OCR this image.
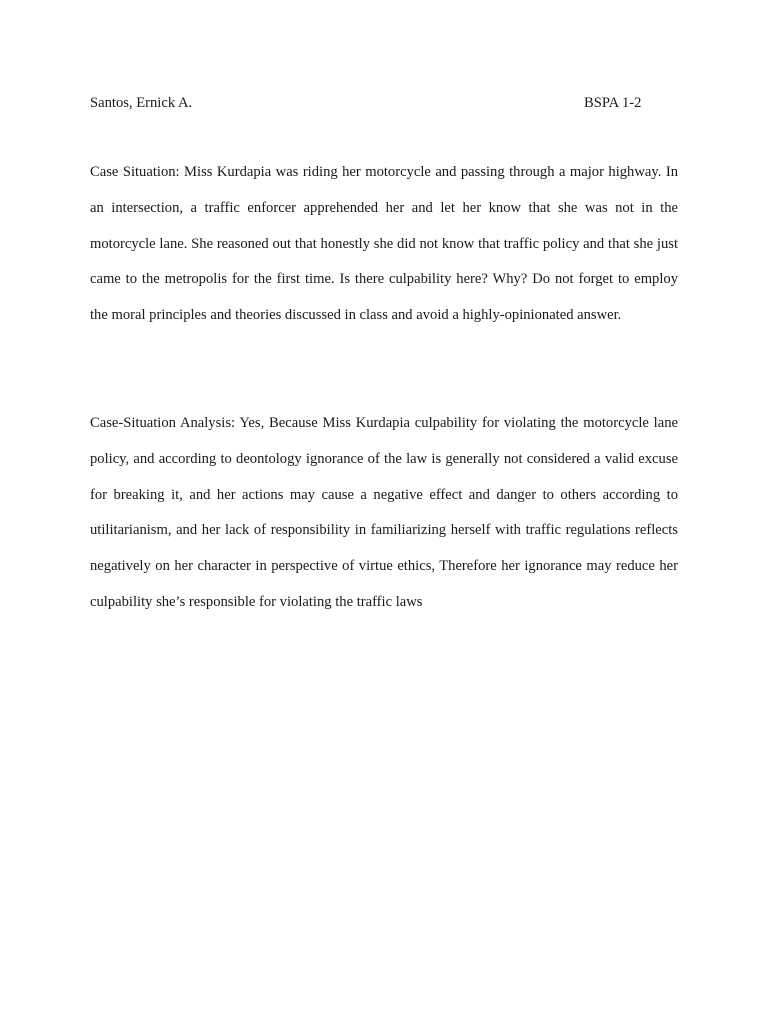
Santos, Ernick A.	BSPA 1-2

Case Situation: Miss Kurdapia was riding her motorcycle and passing through a major highway. In an intersection, a traffic enforcer apprehended her and let her know that she was not in the motorcycle lane. She reasoned out that honestly she did not know that traffic policy and that she just came to the metropolis for the first time. Is there culpability here? Why? Do not forget to employ the moral principles and theories discussed in class and avoid a highly-opinionated answer.

Case-Situation Analysis: Yes, Because Miss Kurdapia culpability for violating the motorcycle lane policy, and according to deontology ignorance of the law is generally not considered a valid excuse for breaking it, and her actions may cause a negative effect and danger to others according to utilitarianism, and her lack of responsibility in familiarizing herself with traffic regulations reflects negatively on her character in perspective of virtue ethics, Therefore her ignorance may reduce her culpability she’s responsible for violating the traffic laws
